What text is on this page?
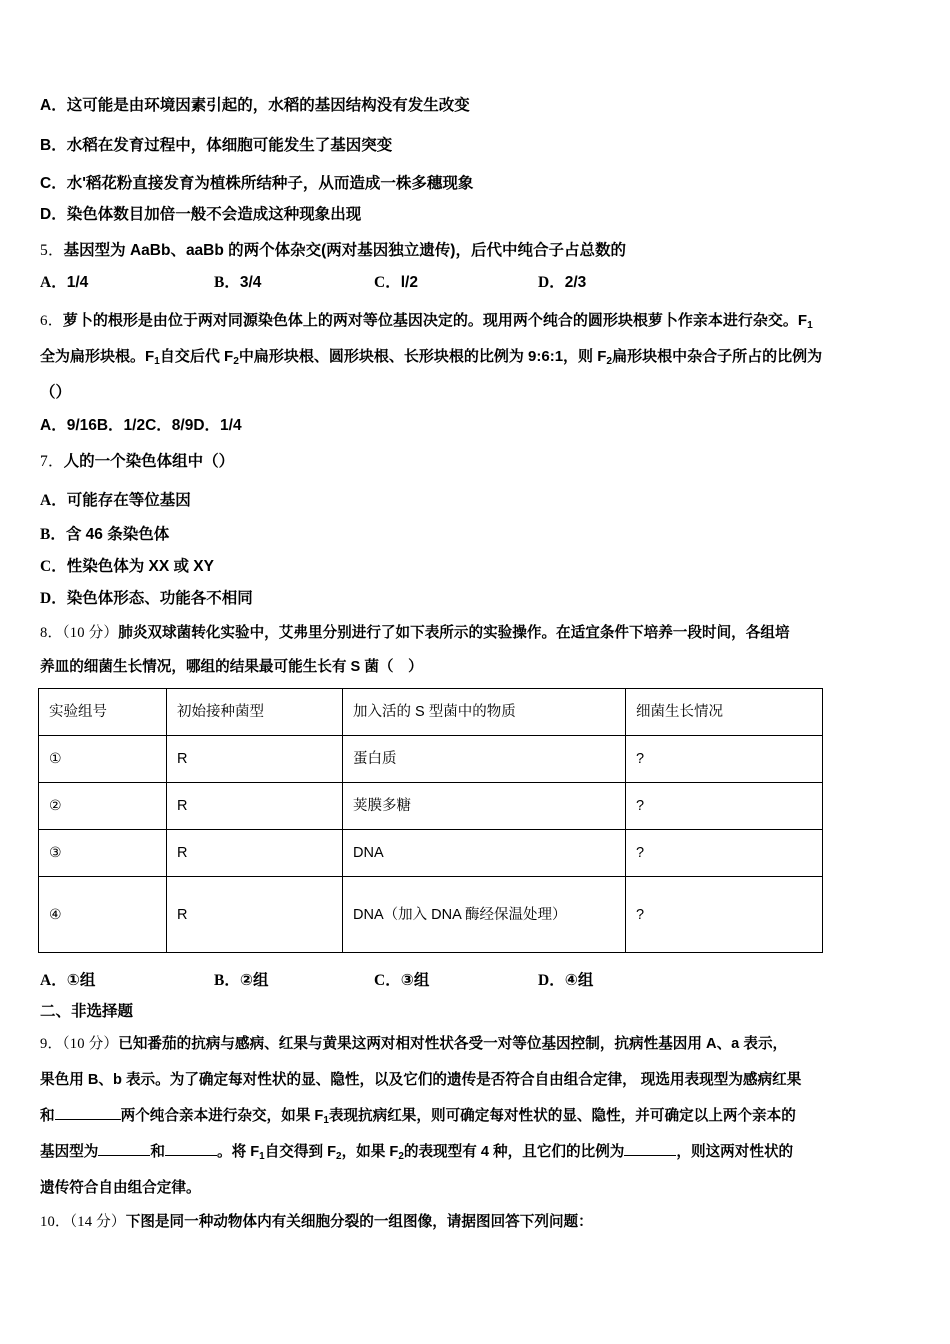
A．这可能是由环境因素引起的，水稻的基因结构没有发生改变
B．水稻在发育过程中，体细胞可能发生了基因突变
C．水'稻花粉直接发育为植株所结种子，从而造成一株多穗现象
D．染色体数目加倍一般不会造成这种现象出现
5．基因型为 AaBb、aaBb 的两个体杂交(两对基因独立遗传)，后代中纯合子占总数的
A．1/4	B．3/4	C．l/2	D．2/3
6．萝卜的根形是由位于两对同源染色体上的两对等位基因决定的。现用两个纯合的圆形块根萝卜作亲本进行杂交。$F_1$
全为扁形块根。$F_1$自交后代 $F_2$中扁形块根、圆形块根、长形块根的比例为 9:6:1，则 $F_2$扁形块根中杂合子所占的比例为
（）
A．9/16B．1/2C．8/9D．1/4
7．人的一个染色体组中（）
A．可能存在等位基因
B．含 46 条染色体
C．性染色体为 XX 或 XY
D．染色体形态、功能各不相同
8．（10 分）肺炎双球菌转化实验中，艾弗里分别进行了如下表所示的实验操作。在适宜条件下培养一段时间，各组培
养皿的细菌生长情况，哪组的结果最可能生长有 S 菌（　）
实验组号	初始接种菌型	加入活的 S 型菌中的物质	细菌生长情况
①	R	蛋白质	?
②	R	荚膜多糖	?
③	R	DNA	?
④	R	DNA（加入 DNA 酶经保温处理）	?
A．①组	B．②组	C．③组	D．④组
二、非选择题
9．（10 分）已知番茄的抗病与感病、红果与黄果这两对相对性状各受一对等位基因控制，抗病性基因用 A、a 表示，
果色用 B、b 表示。为了确定每对性状的显、隐性，以及它们的遗传是否符合自由组合定律， 现选用表现型为感病红果
和	两个纯合亲本进行杂交，如果 $F_1$表现抗病红果，则可确定每对性状的显、隐性，并可确定以上两个亲本的
基因型为	和	。将 $F_1$自交得到 $F_2$，如果 $F_2$的表现型有 4 种，且它们的比例为	，则这两对性状的
遗传符合自由组合定律。
10．（14 分）下图是同一种动物体内有关细胞分裂的一组图像，请据图回答下列问题：
